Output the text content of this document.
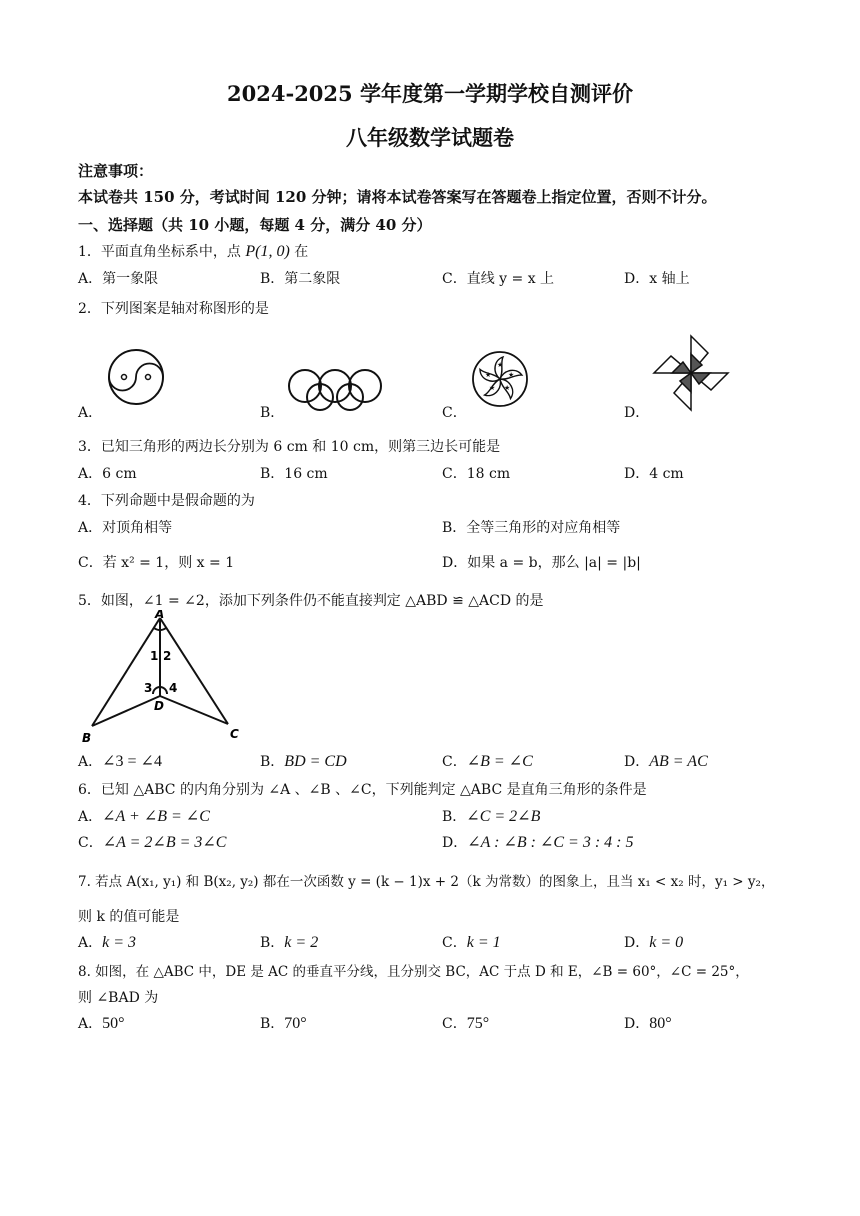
2024-2025 学年度第一学期学校自测评价
八年级数学试题卷
注意事项：
本试卷共 150 分，考试时间 120 分钟；请将本试卷答案写在答题卷上指定位置，否则不计分。
一、选择题（共 10 小题，每题 4 分，满分 40 分）
1．平面直角坐标系中，点 P(1, 0) 在
A．第一象限	B．第二象限	C．直线 y = x 上	D．x 轴上
2．下列图案是轴对称图形的是
A．	B．	C．
★
★
★
★
★
D．
3．已知三角形的两边长分别为 6 cm 和 10 cm，则第三边长可能是
A．6 cm	B．16 cm	C．18 cm	D．4 cm
4．下列命题中是假命题的为
A．对顶角相等	B．全等三角形的对应角相等
C．若 x² = 1，则 x = 1	D．如果 a = b，那么 |a| = |b|
5．如图，∠1 = ∠2，添加下列条件仍不能直接判定 △ABD ≌ △ACD 的是
A
B	C
D
1 2
3 4
A．∠3 = ∠4	B．BD = CD	C．∠B = ∠C	D．AB = AC
6．已知 △ABC 的内角分别为 ∠A 、∠B 、∠C，下列能判定 △ABC 是直角三角形的条件是
A．∠A + ∠B = ∠C	B．∠C = 2∠B
C．∠A = 2∠B = 3∠C	D．∠A : ∠B : ∠C = 3 : 4 : 5
7. 若点 A(x₁, y₁) 和 B(x₂, y₂) 都在一次函数 y = (k − 1)x + 2（k 为常数）的图象上，且当 x₁ < x₂ 时，y₁ > y₂，
则 k 的值可能是
A．k = 3	B．k = 2	C．k = 1	D．k = 0
8. 如图，在 △ABC 中，DE 是 AC 的垂直平分线，且分别交 BC，AC 于点 D 和 E，∠B = 60°，∠C = 25°，
则 ∠BAD 为
A．50°	B．70°	C．75°	D．80°
